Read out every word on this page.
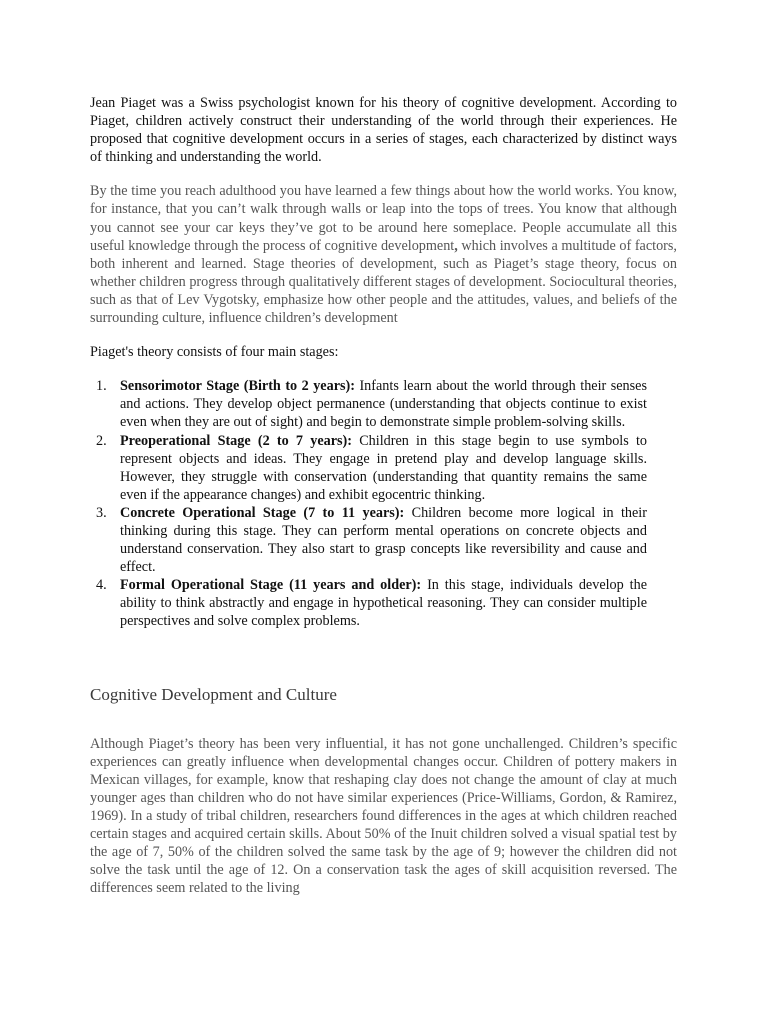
Jean Piaget was a Swiss psychologist known for his theory of cognitive development. According to Piaget, children actively construct their understanding of the world through their experiences. He proposed that cognitive development occurs in a series of stages, each characterized by distinct ways of thinking and understanding the world.

By the time you reach adulthood you have learned a few things about how the world works. You know, for instance, that you can’t walk through walls or leap into the tops of trees. You know that although you cannot see your car keys they’ve got to be around here someplace. People accumulate all this useful knowledge through the process of cognitive development, which involves a multitude of factors, both inherent and learned. Stage theories of development, such as Piaget’s stage theory, focus on whether children progress through qualitatively different stages of development. Sociocultural theories, such as that of Lev Vygotsky, emphasize how other people and the attitudes, values, and beliefs of the surrounding culture, influence children’s development

Piaget's theory consists of four main stages:

1. Sensorimotor Stage (Birth to 2 years): Infants learn about the world through their senses and actions. They develop object permanence (understanding that objects continue to exist even when they are out of sight) and begin to demonstrate simple problem-solving skills.
2. Preoperational Stage (2 to 7 years): Children in this stage begin to use symbols to represent objects and ideas. They engage in pretend play and develop language skills. However, they struggle with conservation (understanding that quantity remains the same even if the appearance changes) and exhibit egocentric thinking.
3. Concrete Operational Stage (7 to 11 years): Children become more logical in their thinking during this stage. They can perform mental operations on concrete objects and understand conservation. They also start to grasp concepts like reversibility and cause and effect.
4. Formal Operational Stage (11 years and older): In this stage, individuals develop the ability to think abstractly and engage in hypothetical reasoning. They can consider multiple perspectives and solve complex problems.
Cognitive Development and Culture

Although Piaget’s theory has been very influential, it has not gone unchallenged. Children’s specific experiences can greatly influence when developmental changes occur. Children of pottery makers in Mexican villages, for example, know that reshaping clay does not change the amount of clay at much younger ages than children who do not have similar experiences (Price-Williams, Gordon, & Ramirez, 1969). In a study of tribal children, researchers found differences in the ages at which children reached certain stages and acquired certain skills. About 50% of the Inuit children solved a visual spatial test by the age of 7, 50% of the children solved the same task by the age of 9; however the children did not solve the task until the age of 12. On a conservation task the ages of skill acquisition reversed. The differences seem related to the living
